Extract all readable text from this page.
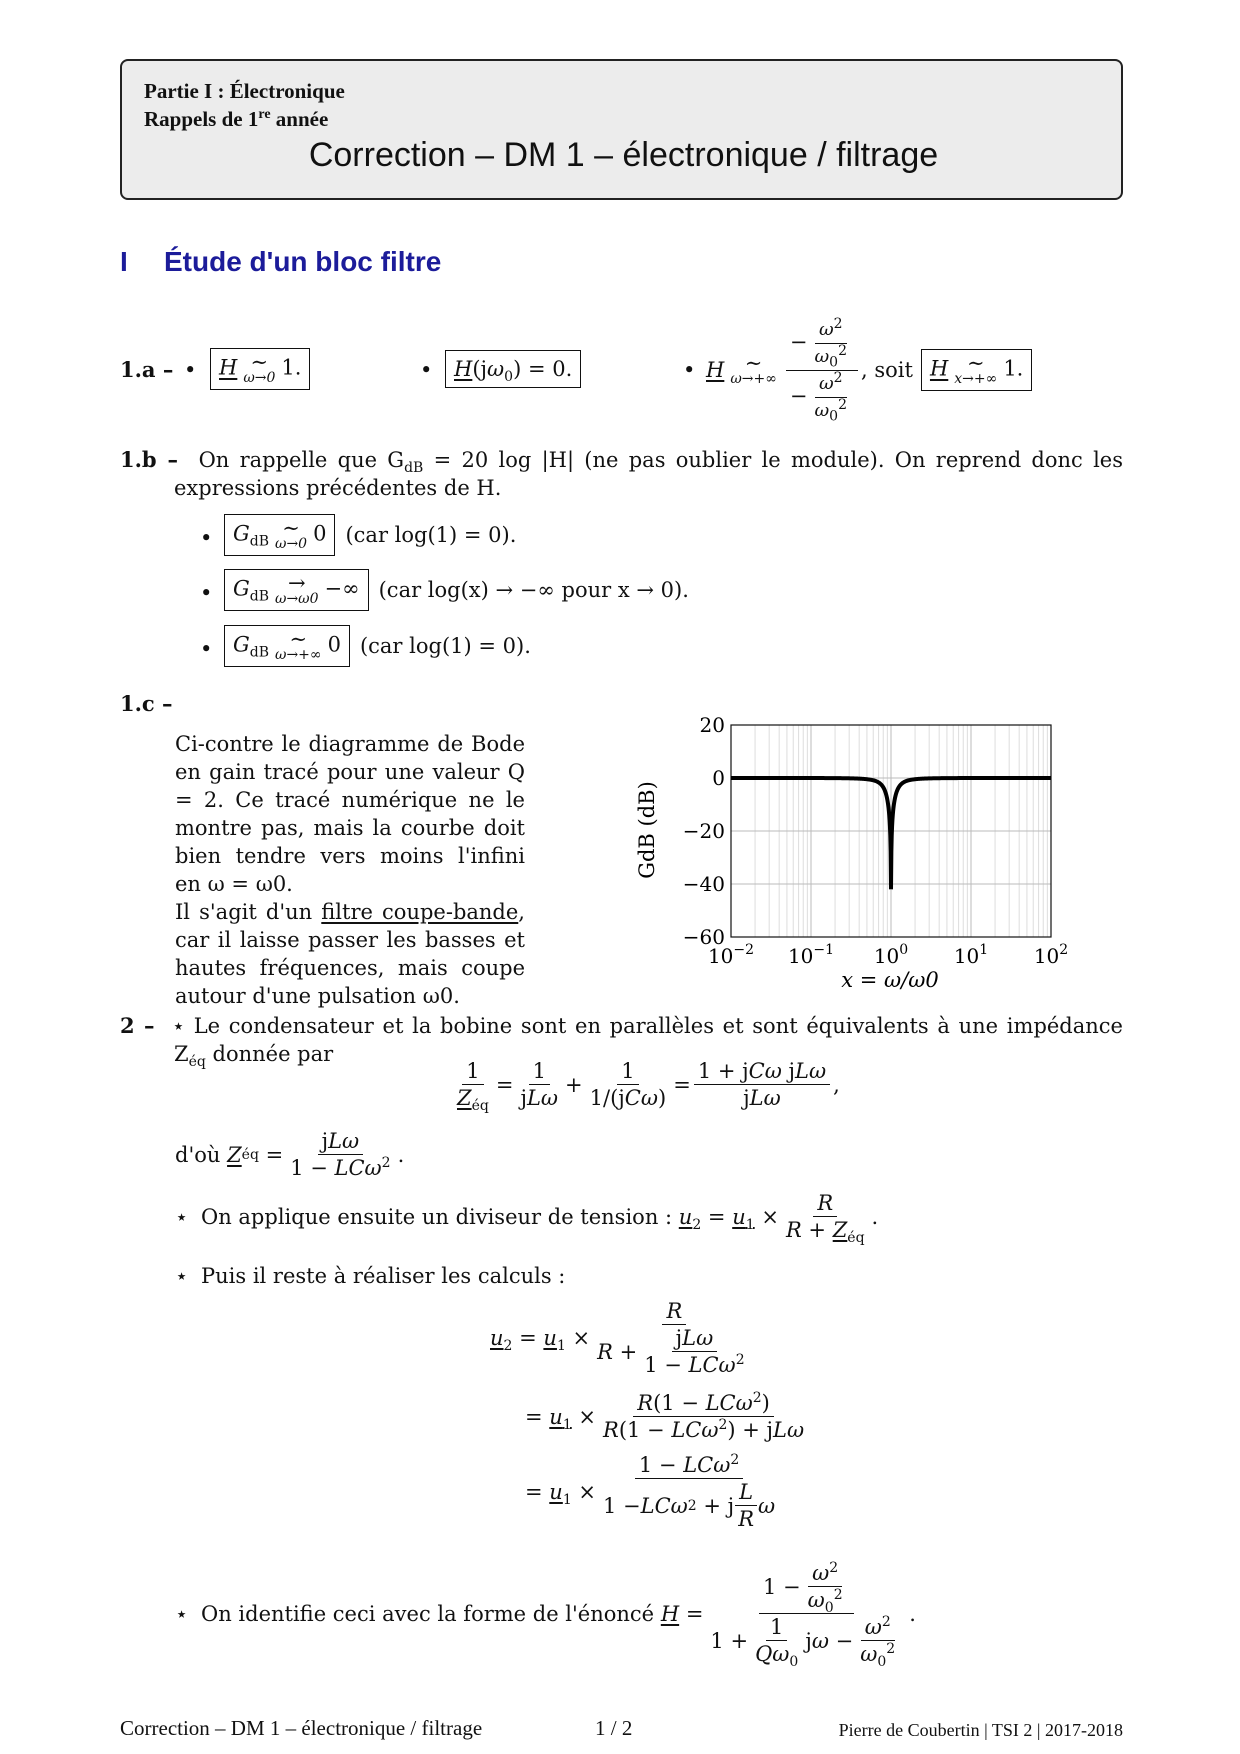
Partie I : Électronique
Rappels de 1re année
Correction – DM 1 – électronique / filtrage
I Étude d'un bloc filtre
1.a – •	H ∼
ω→0 1.	•	$H(j\omega_0) = 0$.	• H ∼
$\omega\to+\infty \frac{- \frac{\omega^2}{\omega_0^2}}{- \frac{\omega^2}{\omega_0^2}}$ , soit H ∼
x→+∞ 1.
1.b – On rappelle que $G_{dB} = 20$ log |H| (ne pas oublier le module). On reprend donc les expressions précédentes de H.
• $G_{dB}$
∼
ω→0 0 (car log(1) = 0).
• $G_{dB}$
→
ω→ω0 −∞ (car log(x) → −∞ pour x → 0).
• $G_{dB}$
∼
ω→+∞ 0 (car log(1) = 0).
1.c –
Ci-contre le diagramme de Bode en gain tracé pour une valeur Q = 2. Ce tracé numérique ne le montre pas, mais la courbe doit bien tendre vers moins l'infini en ω = ω0.
Il s'agit d'un filtre coupe-bande, car il laisse passer les basses et hautes fréquences, mais coupe autour d'une pulsation ω0.
20
0
−20
−40
−60
$10^{-2}$ $10^{-1}$ $10^0$ $10^1$ $10^2$
x = ω/ω0
GdB (dB)
2 –  ⋆ Le condensateur et la bobine sont en parallèles et sont équivalents à une impédance $Z_{éq}$ donnée par
$\frac{1}{Z_{éq}} = \frac{1}{\text{jLω}} + \frac{1}{\text{1/(jCω)}} = \frac{\text{1 + jCω jLω}}{\text{jLω}}$ ,
d'où
Z éq = $\frac{\text{jLω}}{1 - LC\omega^2}$ .
⋆ On applique ensuite un diviseur de tension :
$u_2 = u_1 \times \frac{R}{R + Z_{éq}}$ .
⋆ Puis il reste à réaliser les calculs :
$u_2 = u_1 \times \frac{R}{R + \frac{\text{jLω}}{1 - LC\omega^2}}$
= $u_1 \times \frac{R(1 - LC\omega^2)}{R(1 - LC\omega^2) + jL\omega}$
= $u_1 \times \frac{1 - LC\omega^2}{1 - LC\omega 2 + j \frac{L}{R} \omega}$
⋆ On identifie ceci avec la forme de l'énoncé
$H = \frac{1 - \frac{\omega^2}{\omega_0^2}}{1 + \frac{1}{Q\omega_0} j \omega - \frac{\omega^2}{\omega_0^2}}$ .
Correction – DM 1 – électronique / filtrage	1 / 2	Pierre de Coubertin | TSI 2 | 2017-2018
